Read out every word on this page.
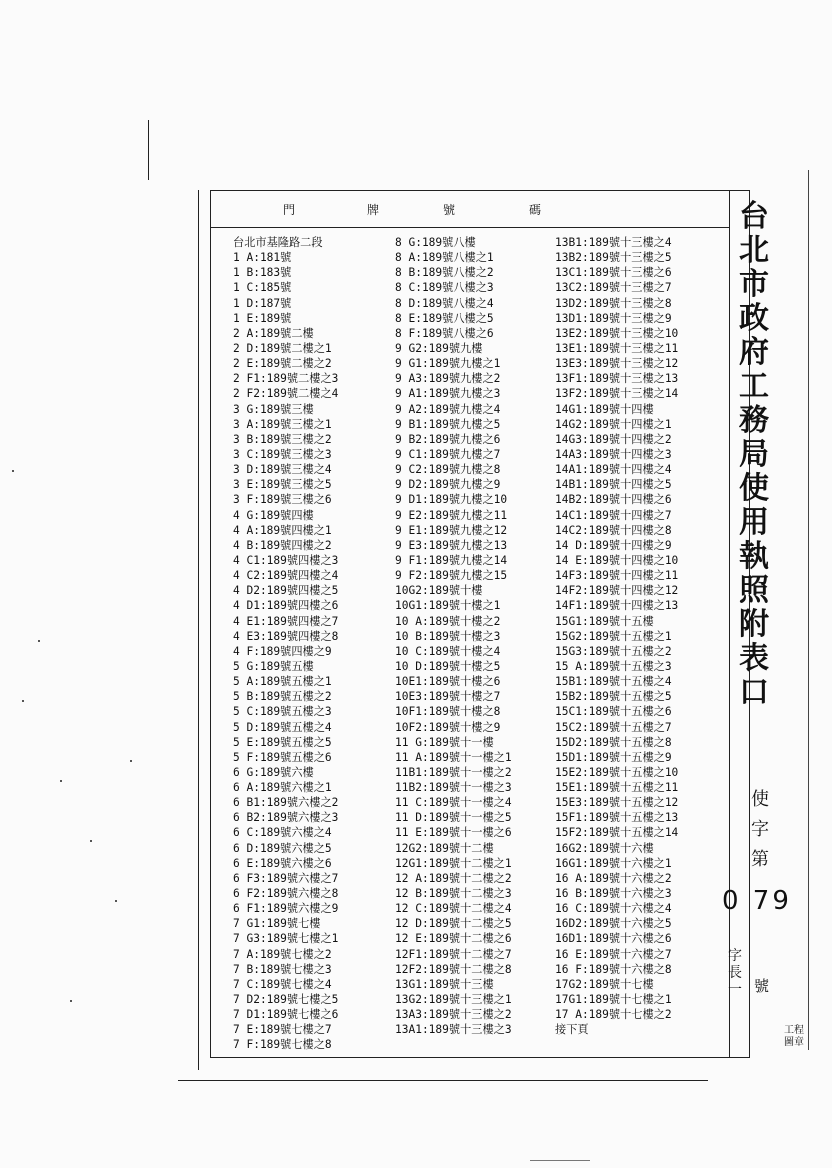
門	牌	號	碼
台北市基隆路二段
1 A:181號
1 B:183號
1 C:185號
1 D:187號
1 E:189號
2 A:189號二樓
2 D:189號二樓之1
2 E:189號二樓之2
2 F1:189號二樓之3
2 F2:189號二樓之4
3 G:189號三樓
3 A:189號三樓之1
3 B:189號三樓之2
3 C:189號三樓之3
3 D:189號三樓之4
3 E:189號三樓之5
3 F:189號三樓之6
4 G:189號四樓
4 A:189號四樓之1
4 B:189號四樓之2
4 C1:189號四樓之3
4 C2:189號四樓之4
4 D2:189號四樓之5
4 D1:189號四樓之6
4 E1:189號四樓之7
4 E3:189號四樓之8
4 F:189號四樓之9
5 G:189號五樓
5 A:189號五樓之1
5 B:189號五樓之2
5 C:189號五樓之3
5 D:189號五樓之4
5 E:189號五樓之5
5 F:189號五樓之6
6 G:189號六樓
6 A:189號六樓之1
6 B1:189號六樓之2
6 B2:189號六樓之3
6 C:189號六樓之4
6 D:189號六樓之5
6 E:189號六樓之6
6 F3:189號六樓之7
6 F2:189號六樓之8
6 F1:189號六樓之9
7 G1:189號七樓
7 G3:189號七樓之1
7 A:189號七樓之2
7 B:189號七樓之3
7 C:189號七樓之4
7 D2:189號七樓之5
7 D1:189號七樓之6
7 E:189號七樓之7
7 F:189號七樓之8
8 G:189號八樓
8 A:189號八樓之1
8 B:189號八樓之2
8 C:189號八樓之3
8 D:189號八樓之4
8 E:189號八樓之5
8 F:189號八樓之6
9 G2:189號九樓
9 G1:189號九樓之1
9 A3:189號九樓之2
9 A1:189號九樓之3
9 A2:189號九樓之4
9 B1:189號九樓之5
9 B2:189號九樓之6
9 C1:189號九樓之7
9 C2:189號九樓之8
9 D2:189號九樓之9
9 D1:189號九樓之10
9 E2:189號九樓之11
9 E1:189號九樓之12
9 E3:189號九樓之13
9 F1:189號九樓之14
9 F2:189號九樓之15
10G2:189號十樓
10G1:189號十樓之1
10 A:189號十樓之2
10 B:189號十樓之3
10 C:189號十樓之4
10 D:189號十樓之5
10E1:189號十樓之6
10E3:189號十樓之7
10F1:189號十樓之8
10F2:189號十樓之9
11 G:189號十一樓
11 A:189號十一樓之1
11B1:189號十一樓之2
11B2:189號十一樓之3
11 C:189號十一樓之4
11 D:189號十一樓之5
11 E:189號十一樓之6
12G2:189號十二樓
12G1:189號十二樓之1
12 A:189號十二樓之2
12 B:189號十二樓之3
12 C:189號十二樓之4
12 D:189號十二樓之5
12 E:189號十二樓之6
12F1:189號十二樓之7
12F2:189號十二樓之8
13G1:189號十三樓
13G2:189號十三樓之1
13A3:189號十三樓之2
13A1:189號十三樓之3
13B1:189號十三樓之4
13B2:189號十三樓之5
13C1:189號十三樓之6
13C2:189號十三樓之7
13D2:189號十三樓之8
13D1:189號十三樓之9
13E2:189號十三樓之10
13E1:189號十三樓之11
13E3:189號十三樓之12
13F1:189號十三樓之13
13F2:189號十三樓之14
14G1:189號十四樓
14G2:189號十四樓之1
14G3:189號十四樓之2
14A3:189號十四樓之3
14A1:189號十四樓之4
14B1:189號十四樓之5
14B2:189號十四樓之6
14C1:189號十四樓之7
14C2:189號十四樓之8
14 D:189號十四樓之9
14 E:189號十四樓之10
14F3:189號十四樓之11
14F2:189號十四樓之12
14F1:189號十四樓之13
15G1:189號十五樓
15G2:189號十五樓之1
15G3:189號十五樓之2
15 A:189號十五樓之3
15B1:189號十五樓之4
15B2:189號十五樓之5
15C1:189號十五樓之6
15C2:189號十五樓之7
15D2:189號十五樓之8
15D1:189號十五樓之9
15E2:189號十五樓之10
15E1:189號十五樓之11
15E3:189號十五樓之12
15F1:189號十五樓之13
15F2:189號十五樓之14
16G2:189號十六樓
16G1:189號十六樓之1
16 A:189號十六樓之2
16 B:189號十六樓之3
16 C:189號十六樓之4
16D2:189號十六樓之5
16D1:189號十六樓之6
16 E:189號十六樓之7
16 F:189號十六樓之8
17G2:189號十七樓
17G1:189號十七樓之1
17 A:189號十七樓之2
接下頁
台
北
市
政
府
工
務
局
使
用
執
照
附
表
口
使
字
第
0 79
字長一 號
工程圖章
